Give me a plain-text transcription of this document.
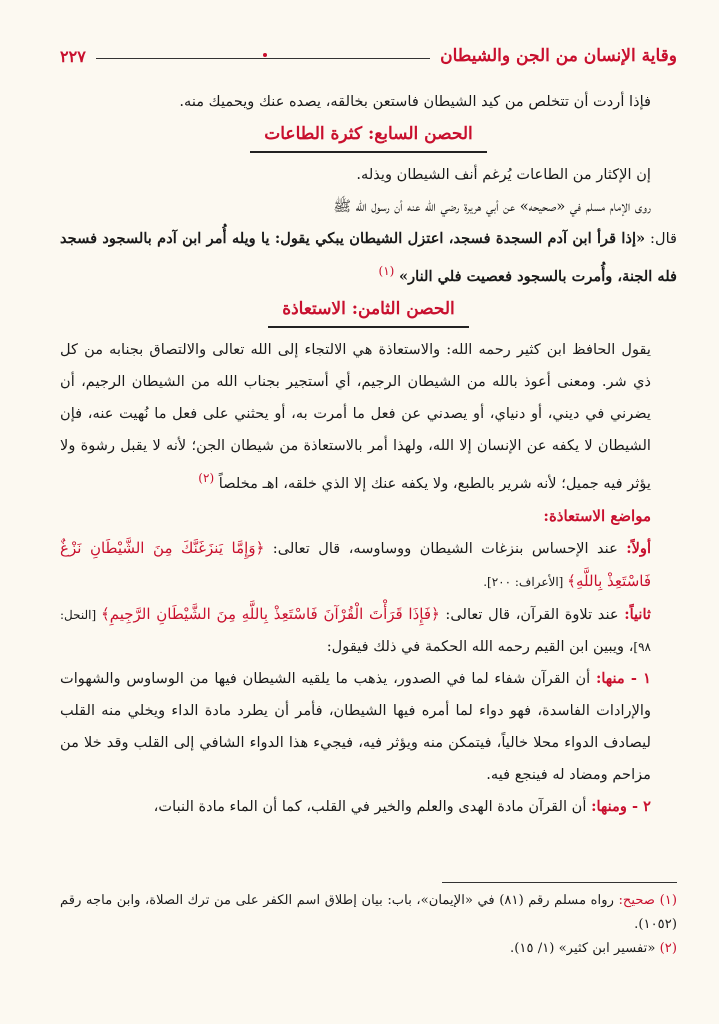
وقاية الإنسان من الجن والشيطان
٢٢٧

فإذا أردت أن تتخلص من كيد الشيطان فاستعن بخالقه، يصده عنك ويحميك منه.

الحصن السابع: كثرة الطاعات

إن الإكثار من الطاعات يُرغم أنف الشيطان ويذله.

روى الإمام مسلم في «صحيحه» عن أبي هريرة رضي الله عنه أن رسول الله ﷺ

قال: «إذا قرأ ابن آدم السجدة فسجد، اعتزل الشيطان يبكي يقول: يا ويله أُمر ابن آدم بالسجود فسجد فله الجنة، وأُمرت بالسجود فعصيت فلي النار» $^{(١)}$

الحصن الثامن: الاستعاذة

يقول الحافظ ابن كثير رحمه الله: والاستعاذة هي الالتجاء إلى الله تعالى والالتصاق بجنابه من كل ذي شر. ومعنى أعوذ بالله من الشيطان الرجيم، أي أستجير بجناب الله من الشيطان الرجيم، أن يضرني في ديني، أو دنياي، أو يصدني عن فعل ما أمرت به، أو يحثني على فعل ما نُهيت عنه، فإن الشيطان لا يكفه عن الإنسان إلا الله، ولهذا أمر بالاستعاذة من شيطان الجن؛ لأنه لا يقبل رشوة ولا يؤثر فيه جميل؛ لأنه شرير بالطبع، ولا يكفه عنك إلا الذي خلقه، اهـ مخلصاً $^{(٢)}$

مواضع الاستعاذة:

أولاً: عند الإحساس بنزغات الشيطان ووساوسه، قال تعالى: ﴿وَإِمَّا يَنزَغَنَّكَ مِنَ الشَّيْطَانِ نَزْغٌ فَاسْتَعِذْ بِاللَّهِ﴾ [الأعراف: ٢٠٠].

ثانياً: عند تلاوة القرآن، قال تعالى: ﴿فَإِذَا قَرَأْتَ الْقُرْآنَ فَاسْتَعِذْ بِاللَّهِ مِنَ الشَّيْطَانِ الرَّجِيمِ﴾ [النحل: ٩٨]، ويبين ابن القيم رحمه الله الحكمة في ذلك فيقول:

١ - منها: أن القرآن شفاء لما في الصدور، يذهب ما يلقيه الشيطان فيها من الوساوس والشهوات والإرادات الفاسدة، فهو دواء لما أمره فيها الشيطان، فأمر أن يطرد مادة الداء ويخلي منه القلب ليصادف الدواء محلا خالياً، فيتمكن منه ويؤثر فيه، فيجيء هذا الدواء الشافي إلى القلب وقد خلا من مزاحم ومضاد له فينجع فيه.

٢ - ومنها: أن القرآن مادة الهدى والعلم والخير في القلب، كما أن الماء مادة النبات،

(١) صحيح: رواه مسلم رقم (٨١) في «الإيمان»، باب: بيان إطلاق اسم الكفر على من ترك الصلاة، وابن ماجه رقم (١٠٥٢).

(٢) «تفسير ابن كثير» (١/ ١٥).
